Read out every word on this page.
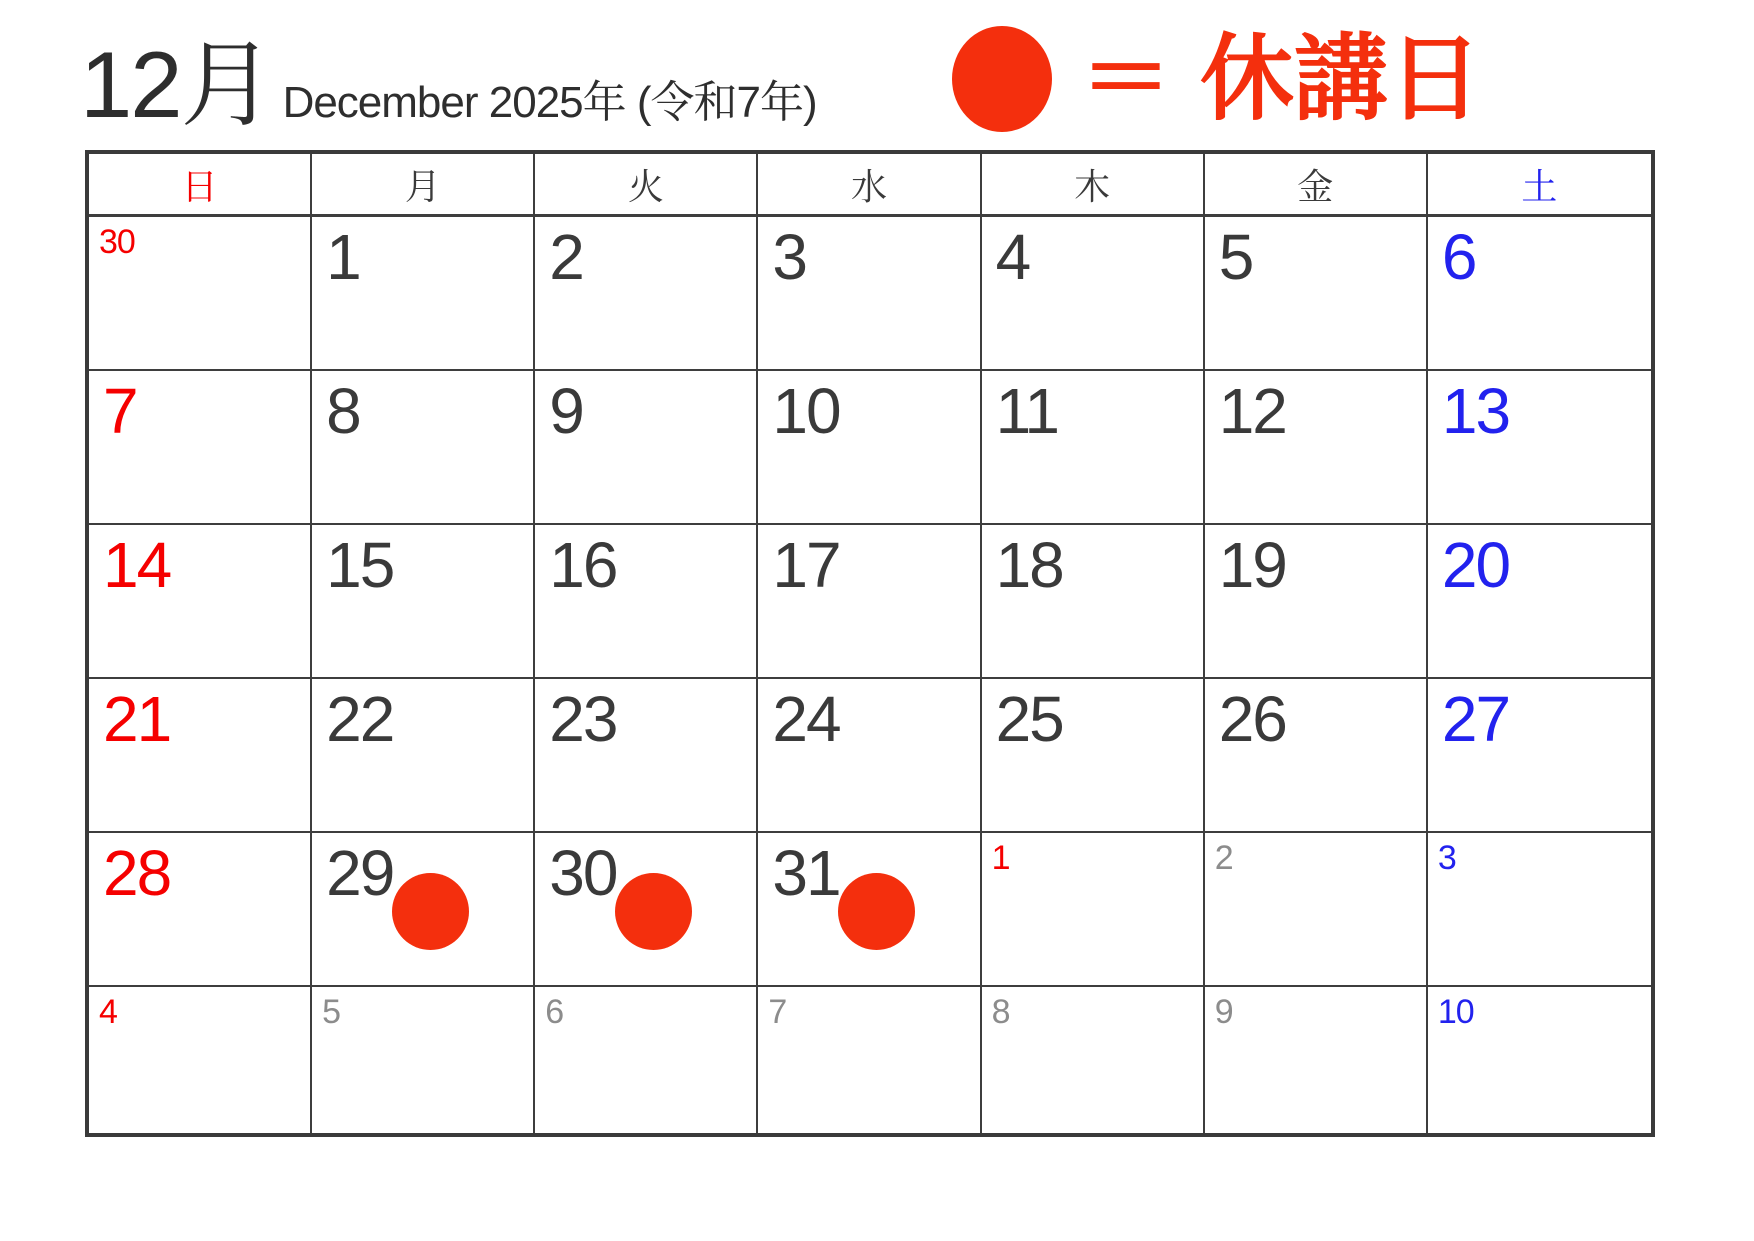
12月 December 2025年 (令和7年)	＝ 休講日
日	月	火	水	木	金	土
30	1	2	3	4	5	6
7	8	9	10	11	12	13
14	15	16	17	18	19	20
21	22	23	24	25	26	27
28	29	30	31	1	2	3
4	5	6	7	8	9	10
